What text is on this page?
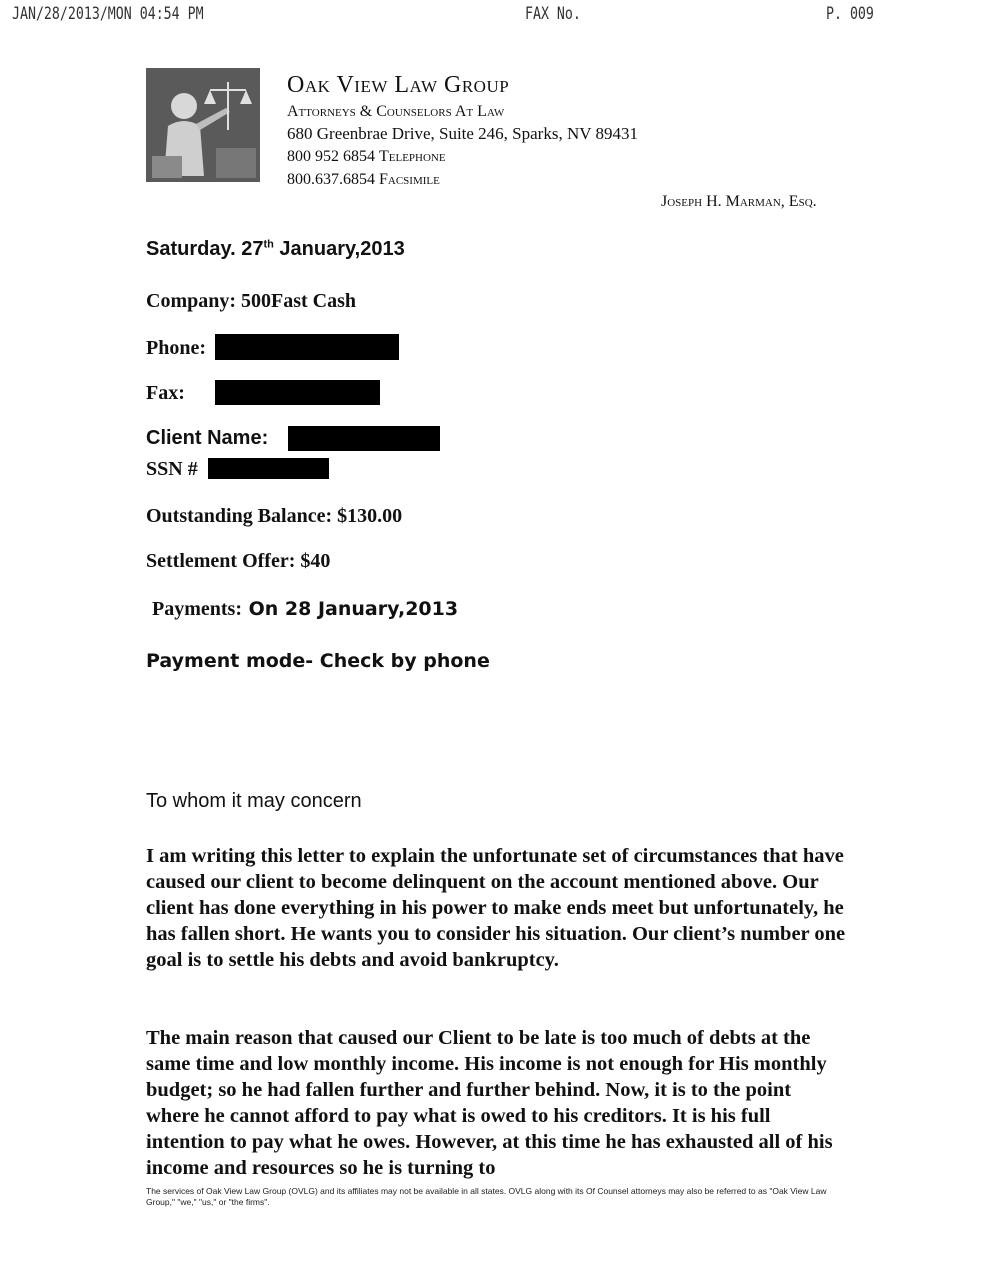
JAN/28/2013/MON 04:54 PM	FAX No.	P. 009
Oak View Law Group
Attorneys & Counselors At Law
680 Greenbrae Drive, Suite 246, Sparks, NV 89431
800 952 6854 Telephone
800.637.6854 Facsimile
Joseph H. Marman, Esq.
Saturday. 27th January,2013
Company: 500Fast Cash
Phone:
Fax:
Client Name:
SSN #
Outstanding Balance: $130.00
Settlement Offer: $40
Payments: On 28 January,2013
Payment mode- Check by phone
To whom it may concern

I am writing this letter to explain the unfortunate set of circumstances that have caused our client to become delinquent on the account mentioned above. Our client has done everything in his power to make ends meet but unfortunately, he has fallen short. He wants you to consider his situation. Our client’s number one goal is to settle his debts and avoid bankruptcy.

The main reason that caused our Client to be late is too much of debts at the same time and low monthly income. His income is not enough for His monthly budget; so he had fallen further and further behind. Now, it is to the point where he cannot afford to pay what is owed to his creditors. It is his full intention to pay what he owes. However, at this time he has exhausted all of his income and resources so he is turning to

The services of Oak View Law Group (OVLG) and its affiliates may not be available in all states. OVLG along with its Of Counsel attorneys may also be referred to as "Oak View Law Group," "we," "us," or "the firms".
